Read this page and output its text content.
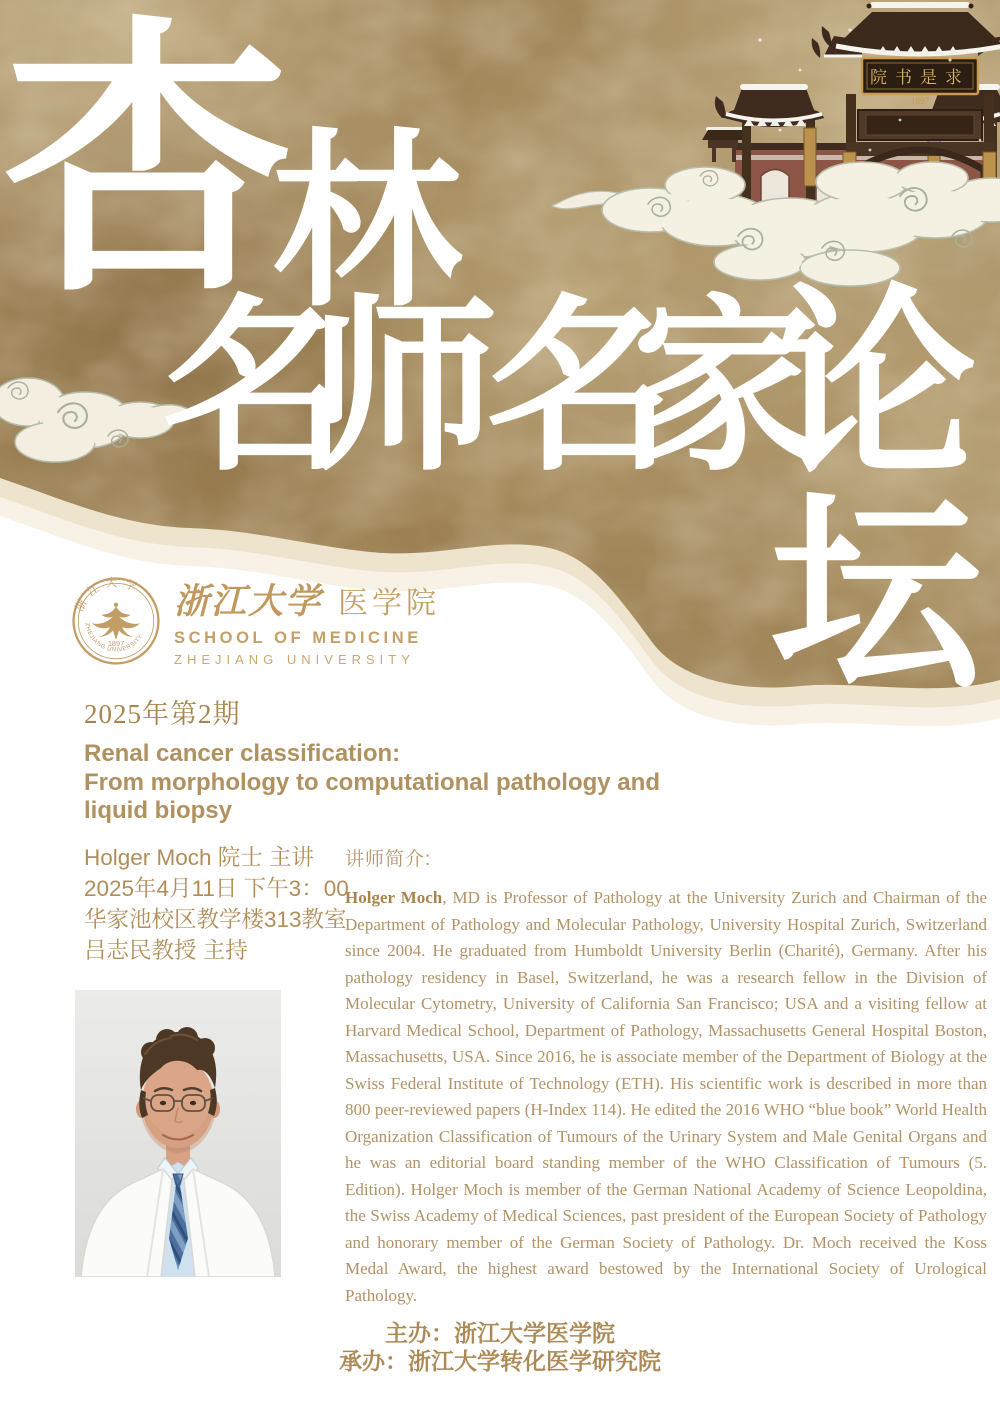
院书是求
1897
杏
林
名
师
名
家
论
坛
浙江大学
ZHEJIANG UNIVERSITY
1897
浙江大学 医学院
SCHOOL OF MEDICINE
ZHEJIANG UNIVERSITY
2025年第2期
Renal cancer classification:
From morphology to computational pathology and
liquid biopsy
Holger Moch 院士 主讲
2025年4月11日 下午3：00
华家池校区教学楼313教室
吕志民教授 主持
讲师简介:
Holger Moch, MD is Professor of Pathology at the University Zurich and Chairman of the Department of Pathology and Molecular Pathology, University Hospital Zurich, Switzerland since 2004. He graduated from Humboldt University Berlin (Charité), Germany. After his pathology residency in Basel, Switzerland, he was a research fellow in the Division of Molecular Cytometry, University of California San Francisco; USA and a visiting fellow at Harvard Medical School, Department of Pathology, Massachusetts General Hospital Boston, Massachusetts, USA. Since 2016, he is associate member of the Department of Biology at the Swiss Federal Institute of Technology (ETH). His scientific work is described in more than 800 peer-reviewed papers (H-Index 114). He edited the 2016 WHO “blue book” World Health Organization Classification of Tumours of the Urinary System and Male Genital Organs and he was an editorial board standing member of the WHO Classification of Tumours (5. Edition). Holger Moch is member of the German National Academy of Science Leopoldina, the Swiss Academy of Medical Sciences, past president of the European Society of Pathology and honorary member of the German Society of Pathology. Dr. Moch received the Koss Medal Award, the highest award bestowed by the International Society of Urological Pathology.
主办：浙江大学医学院
承办：浙江大学转化医学研究院
